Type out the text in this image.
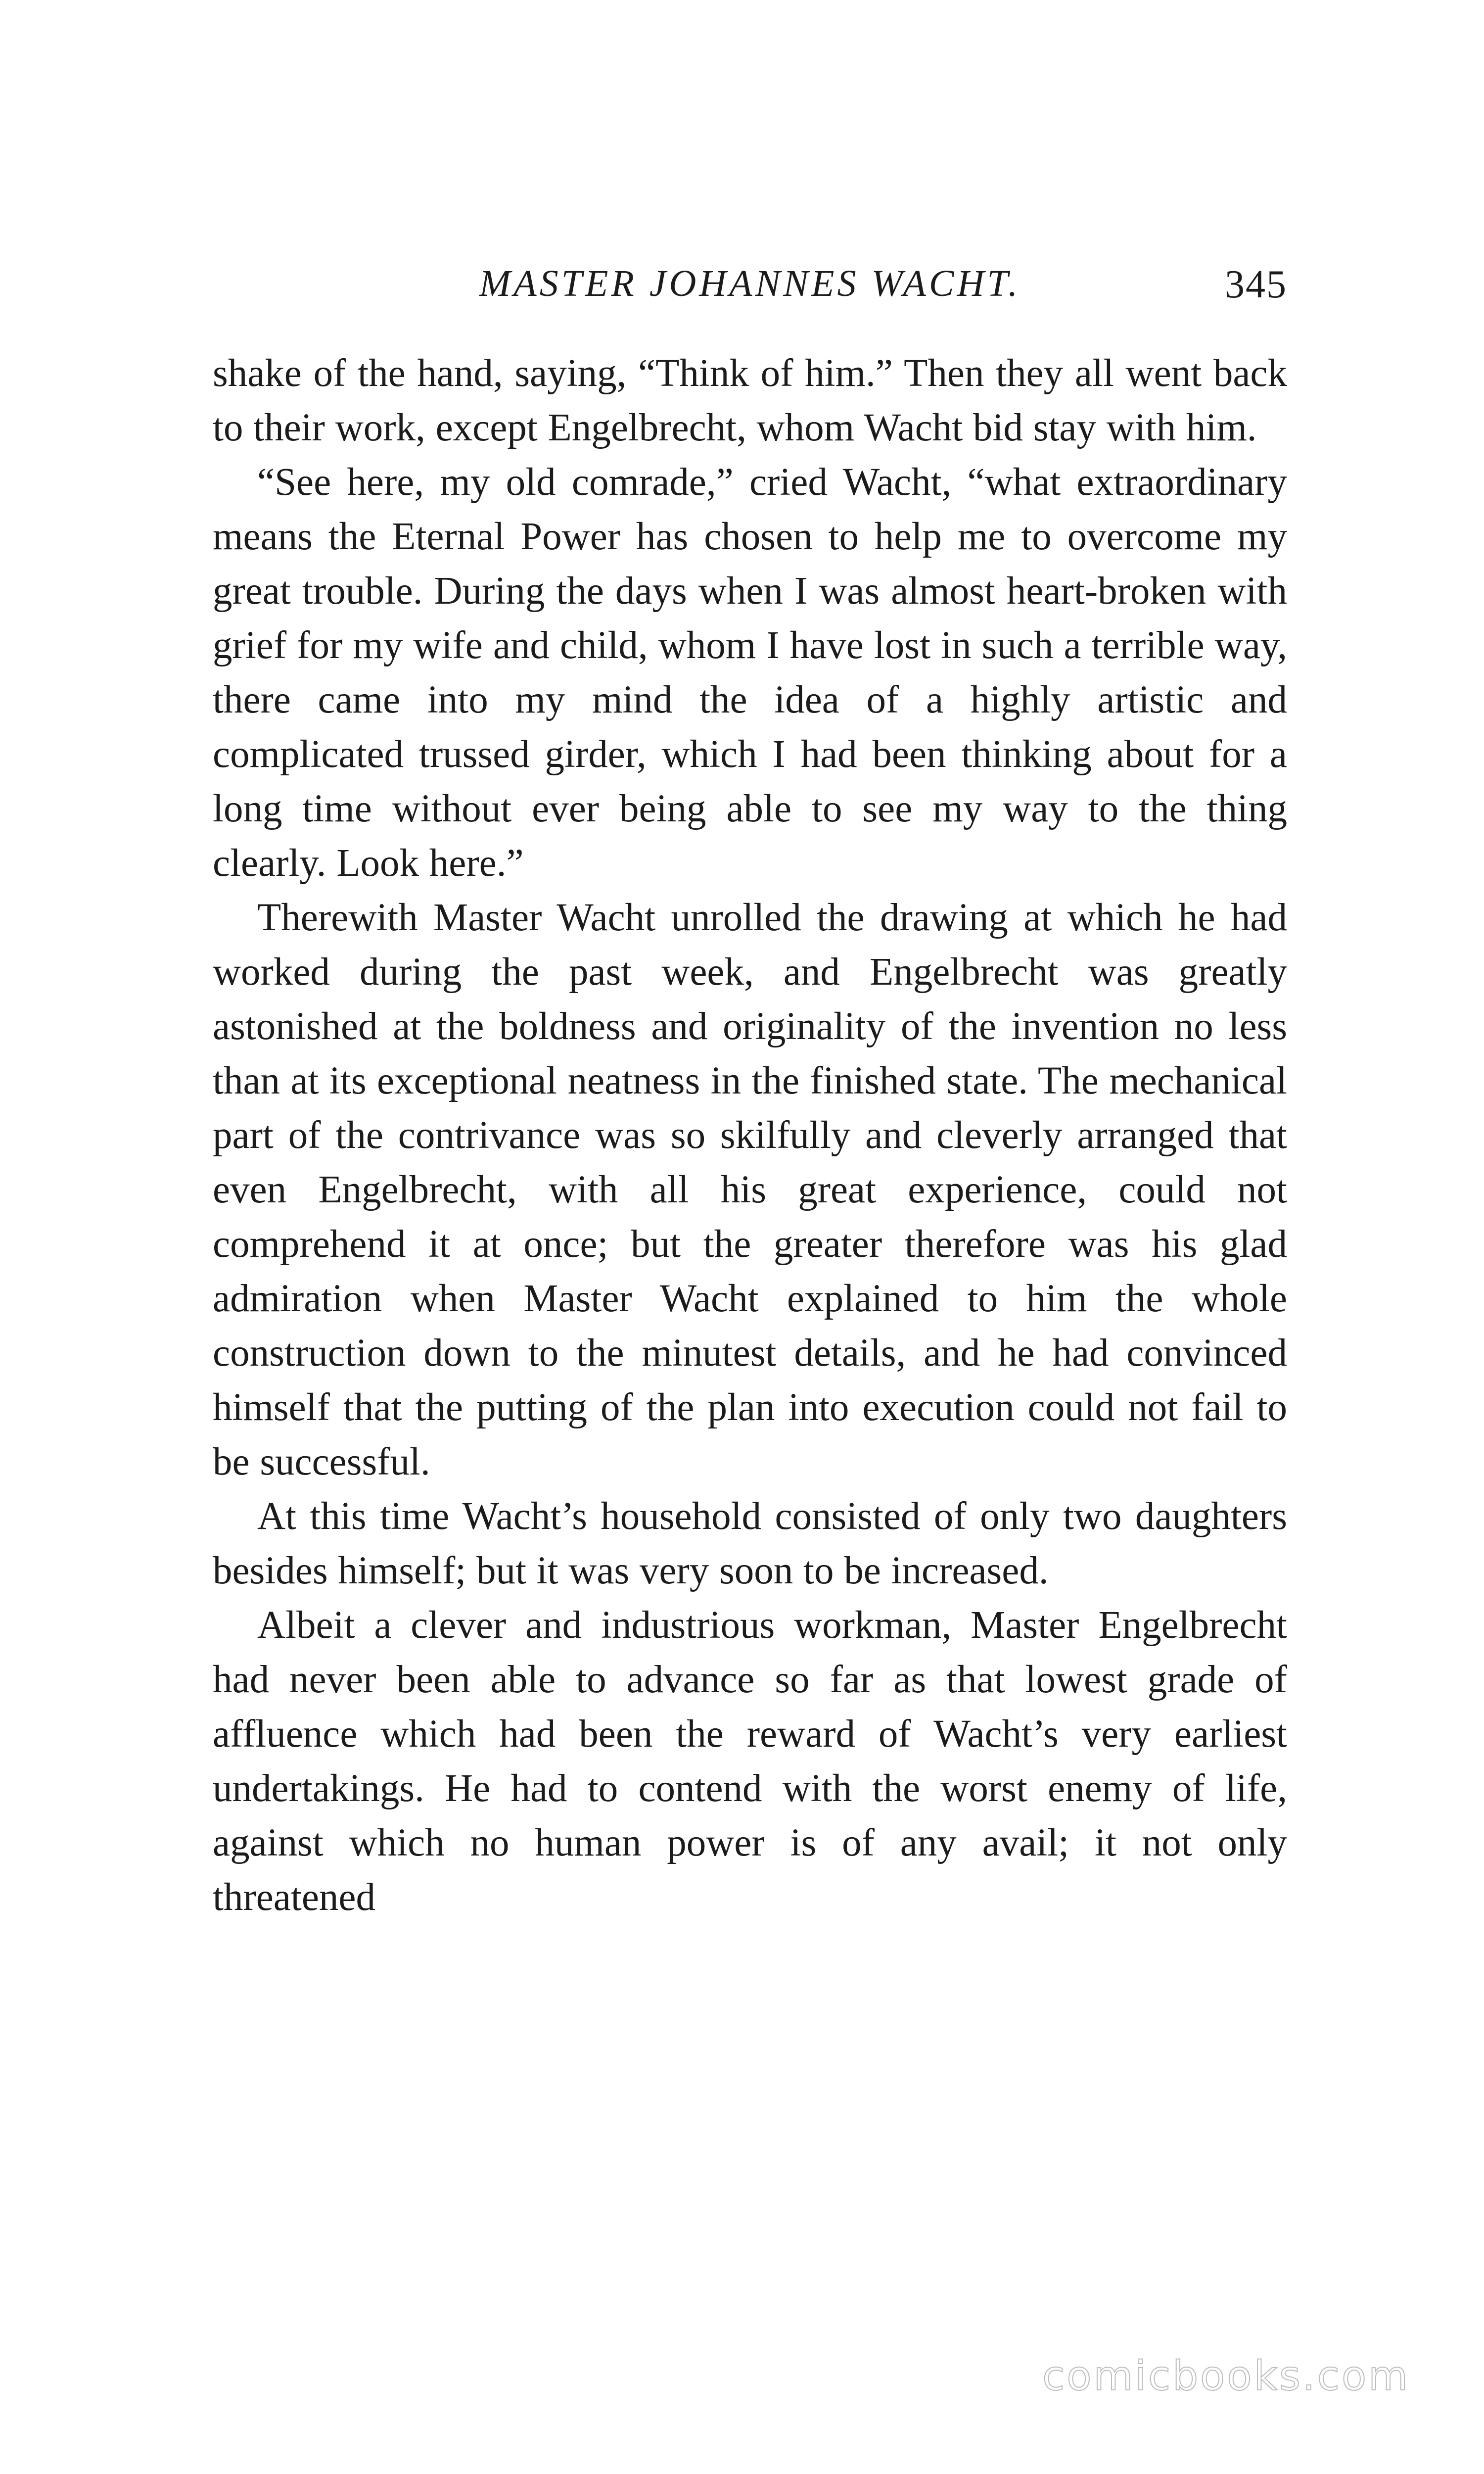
MASTER JOHANNES WACHT.	345

shake of the hand, saying, “Think of him.” Then they all went back to their work, except Engelbrecht, whom Wacht bid stay with him.

“See here, my old comrade,” cried Wacht, “what extraordinary means the Eternal Power has chosen to help me to overcome my great trouble. During the days when I was almost heart-broken with grief for my wife and child, whom I have lost in such a terrible way, there came into my mind the idea of a highly artistic and complicated trussed girder, which I had been thinking about for a long time without ever being able to see my way to the thing clearly. Look here.”

Therewith Master Wacht unrolled the drawing at which he had worked during the past week, and Engelbrecht was greatly astonished at the boldness and originality of the invention no less than at its exceptional neatness in the finished state. The mechanical part of the contrivance was so skilfully and cleverly arranged that even Engelbrecht, with all his great experience, could not comprehend it at once; but the greater therefore was his glad admiration when Master Wacht explained to him the whole construction down to the minutest details, and he had convinced himself that the putting of the plan into execution could not fail to be successful.

At this time Wacht’s household consisted of only two daughters besides himself; but it was very soon to be increased.

Albeit a clever and industrious workman, Master Engelbrecht had never been able to advance so far as that lowest grade of affluence which had been the reward of Wacht’s very earliest undertakings. He had to contend with the worst enemy of life, against which no human power is of any avail; it not only threatened

comicbooks.com
